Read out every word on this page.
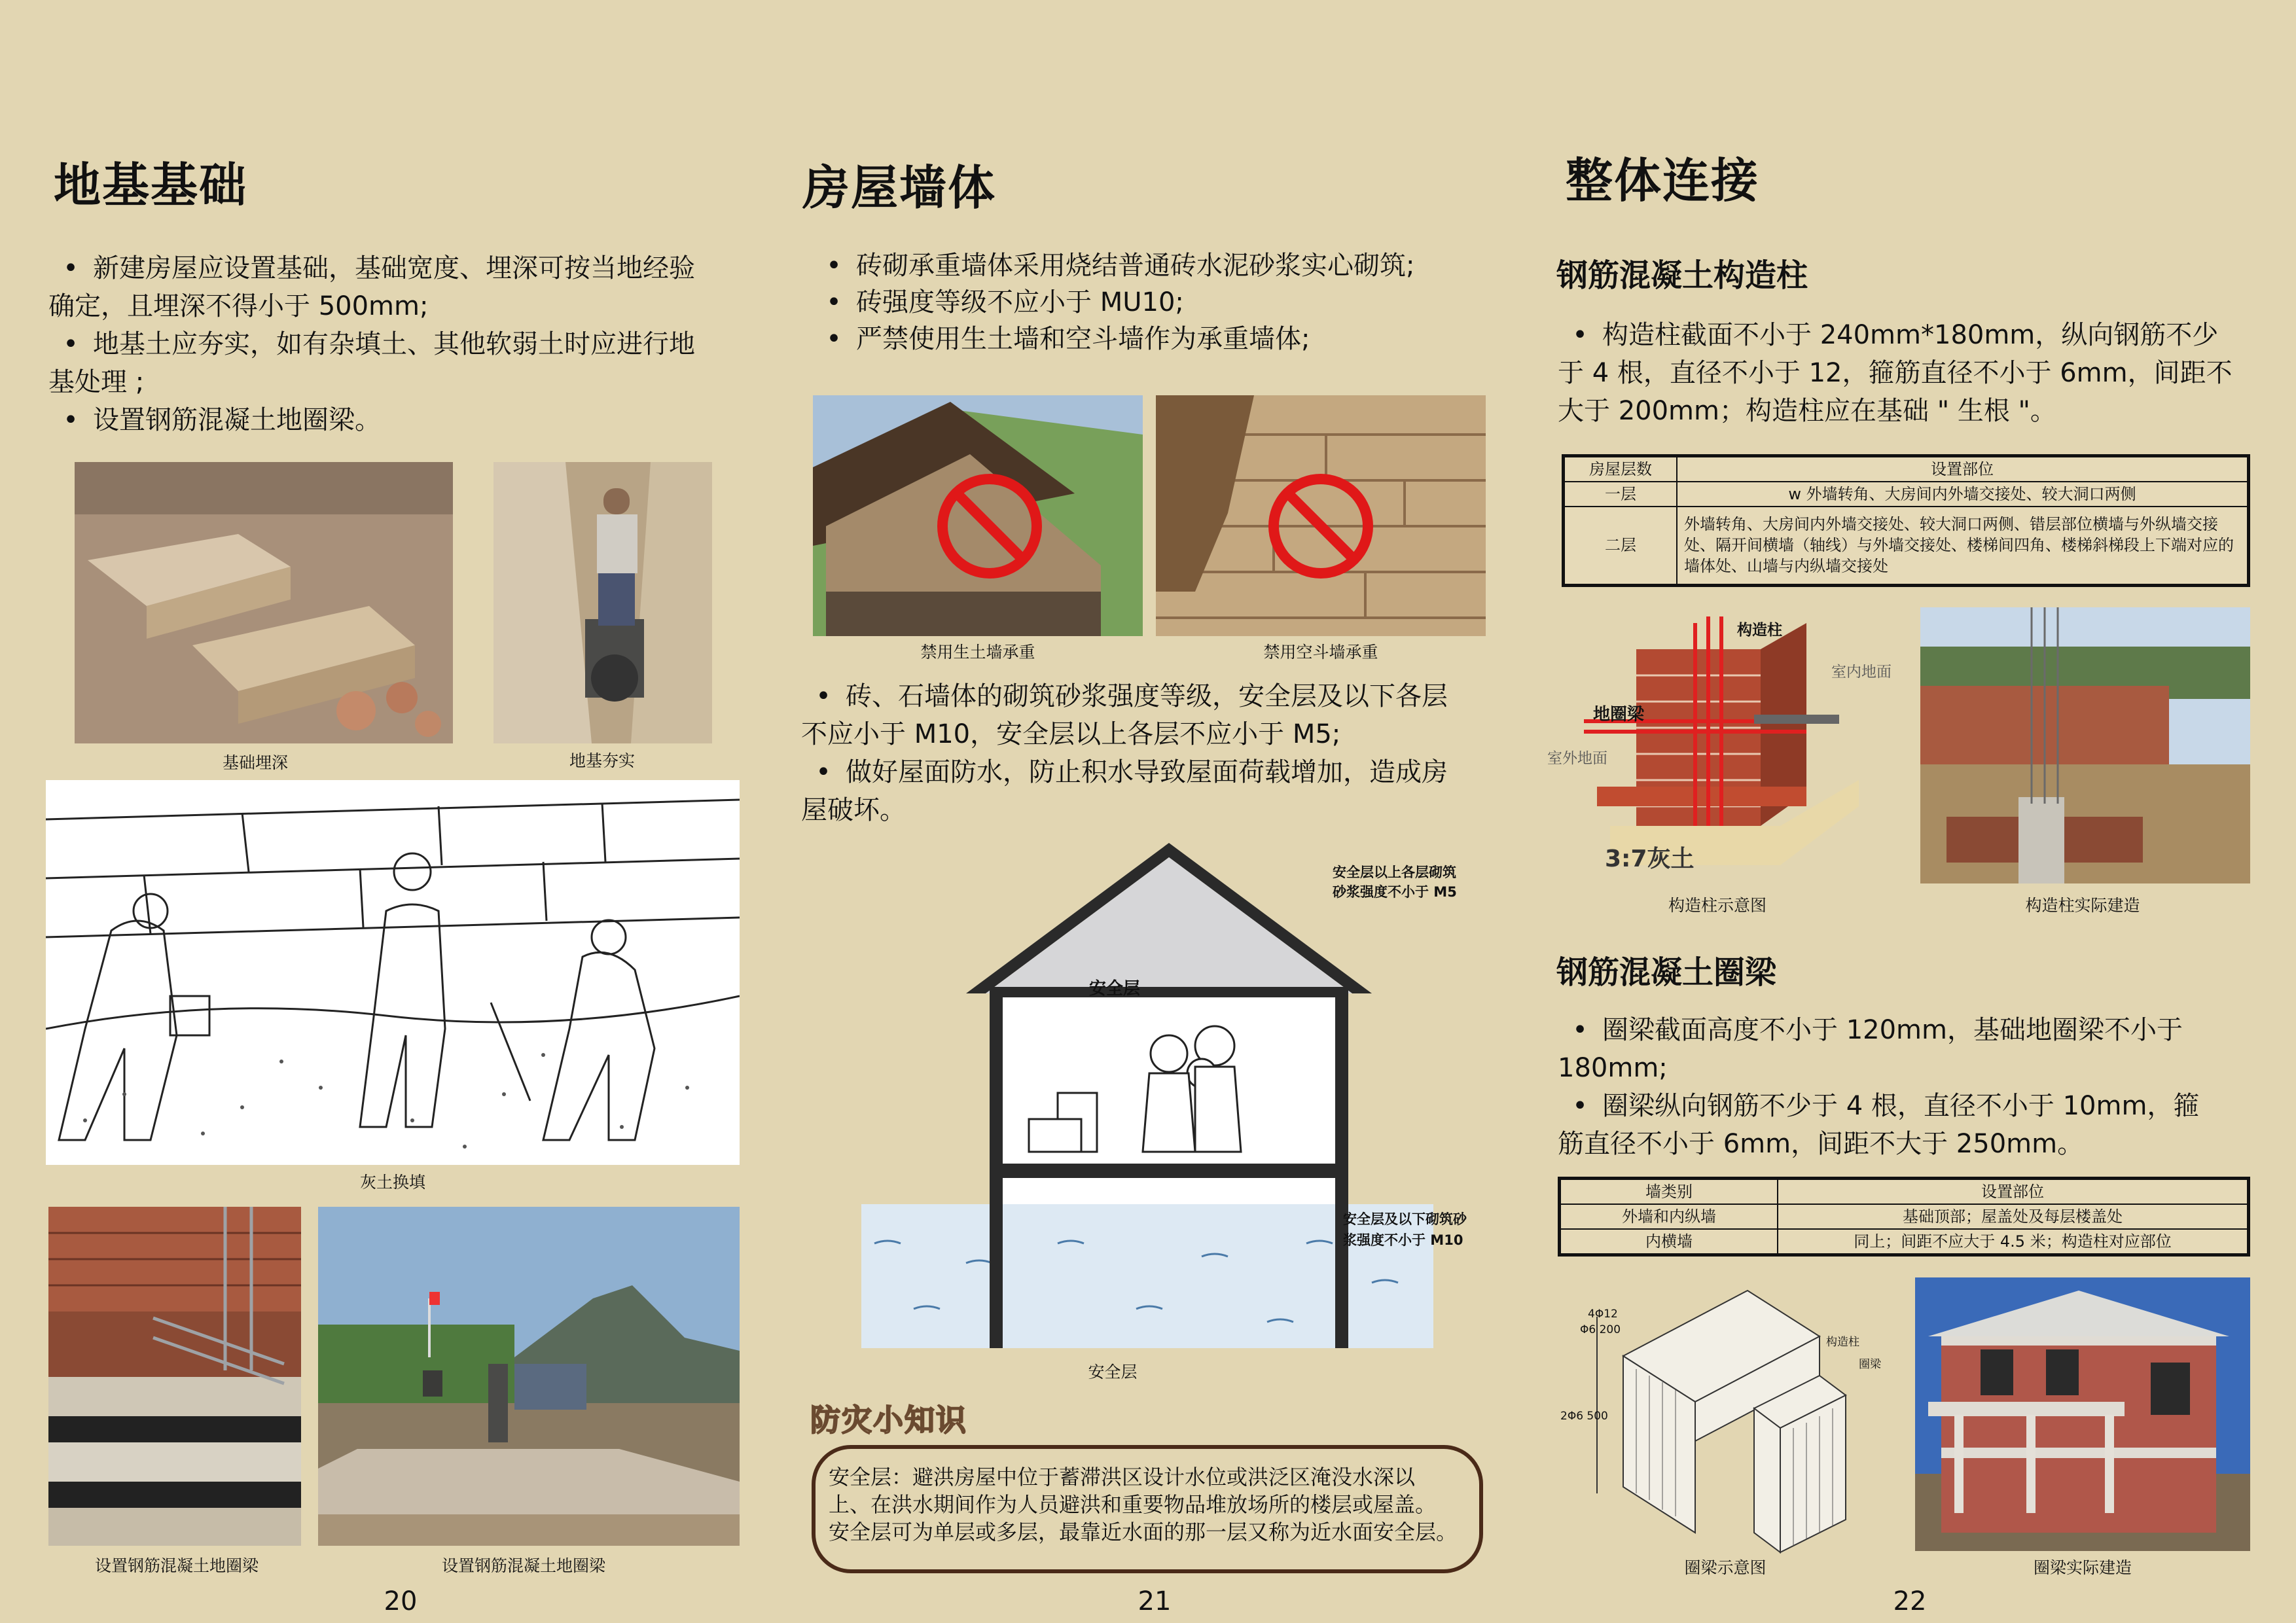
地基基础

• 新建房屋应设置基础，基础宽度、埋深可按当地经验

确定，且埋深不得小于 500mm;

• 地基土应夯实，如有杂填土、其他软弱土时应进行地

基处理 ;

• 设置钢筋混凝土地圈梁。

基础埋深	地基夯实
灰土换填
设置钢筋混凝土地圈梁	设置钢筋混凝土地圈梁
20
房屋墙体

• 砖砌承重墙体采用烧结普通砖水泥砂浆实心砌筑;

• 砖强度等级不应小于 MU10;

• 严禁使用生土墙和空斗墙作为承重墙体;

禁用生土墙承重	禁用空斗墙承重

• 砖、石墙体的砌筑砂浆强度等级，安全层及以下各层

不应小于 M10，安全层以上各层不应小于 M5;

• 做好屋面防水，防止积水导致屋面荷载增加，造成房

屋破坏。

安全层
安全层以上各层砌筑
砂浆强度不小于 M5
安全层及以下砌筑砂
浆强度不小于 M10
安全层
防灾小知识
安全层：避洪房屋中位于蓄滞洪区设计水位或洪泛区淹没水深以
上、在洪水期间作为人员避洪和重要物品堆放场所的楼层或屋盖。
安全层可为单层或多层，最靠近水面的那一层又称为近水面安全层。
21
整体连接
钢筋混凝土构造柱

• 构造柱截面不小于 240mm*180mm，纵向钢筋不少

于 4 根，直径不小于 12，箍筋直径不小于 6mm，间距不

大于 200mm；构造柱应在基础 " 生根 "。

房屋层数	设置部位
一层	w 外墙转角、大房间内外墙交接处、较大洞口两侧
二层	外墙转角、大房间内外墙交接处、较大洞口两侧、错层部位横墙与外纵墙交接处、隔开间横墙（轴线）与外墙交接处、楼梯间四角、楼梯斜梯段上下端对应的墙体处、山墙与内纵墙交接处
构造柱
室内地面
地圈梁
室外地面
3:7灰土
构造柱示意图	构造柱实际建造
钢筋混凝土圈梁

• 圈梁截面高度不小于 120mm，基础地圈梁不小于

180mm;

• 圈梁纵向钢筋不少于 4 根，直径不小于 10mm，箍

筋直径不小于 6mm，间距不大于 250mm。

墙类别	设置部位
外墙和内纵墙	基础顶部；屋盖处及每层楼盖处
内横墙	同上；间距不应大于 4.5 米；构造柱对应部位
4Φ12
Φ6 200
2Φ6 500
构造柱
圈梁
圈梁示意图	圈梁实际建造
22
